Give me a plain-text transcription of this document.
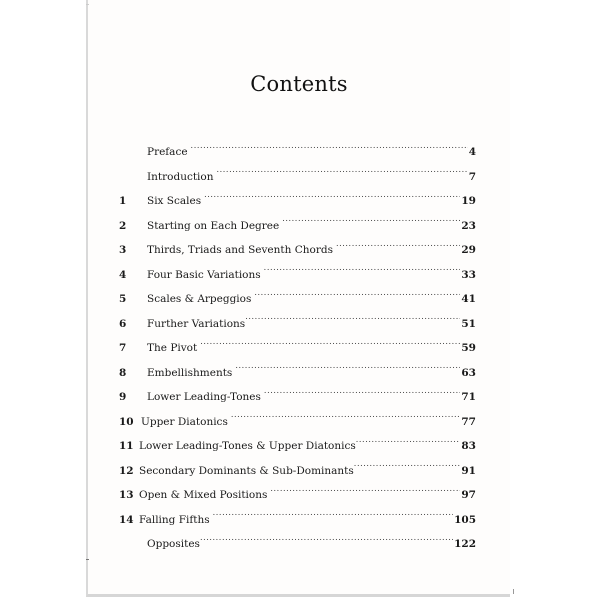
Contents
Preface .....	4
Introduction .....	7
1	Six Scales .....	19
2	Starting on Each Degree .....	23
3	Thirds, Triads and Seventh Chords .....	29
4	Four Basic Variations .....	33
5	Scales & Arpeggios .....	41
6	Further Variations .....	51
7	The Pivot .....	59
8	Embellishments .....	63
9	Lower Leading-Tones .....	71
10 Upper Diatonics .....	77
11 Lower Leading-Tones & Upper Diatonics .....	83
12 Secondary Dominants & Sub-Dominants .....	91
13 Open & Mixed Positions .....	97
14 Falling Fifths .....	105
Opposites .....	122
